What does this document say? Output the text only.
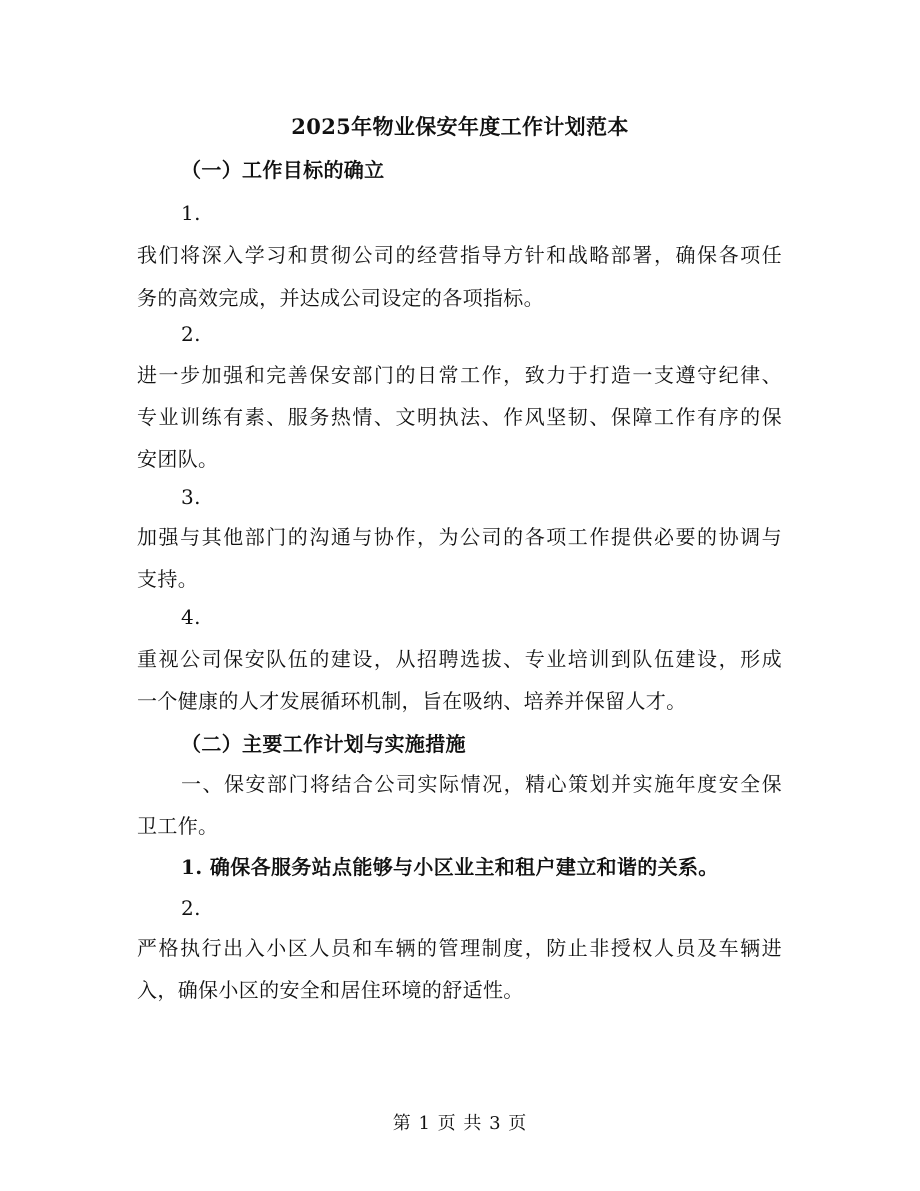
2025年物业保安年度工作计划范本
（一）工作目标的确立
1.
我们将深入学习和贯彻公司的经营指导方针和战略部署，确保各项任
务的高效完成，并达成公司设定的各项指标。
2.
进一步加强和完善保安部门的日常工作，致力于打造一支遵守纪律、
专业训练有素、服务热情、文明执法、作风坚韧、保障工作有序的保
安团队。
3.
加强与其他部门的沟通与协作，为公司的各项工作提供必要的协调与
支持。
4.
重视公司保安队伍的建设，从招聘选拔、专业培训到队伍建设，形成
一个健康的人才发展循环机制，旨在吸纳、培养并保留人才。
（二）主要工作计划与实施措施
一、保安部门将结合公司实际情况，精心策划并实施年度安全保
卫工作。
1. 确保各服务站点能够与小区业主和租户建立和谐的关系。
2.
严格执行出入小区人员和车辆的管理制度，防止非授权人员及车辆进
入，确保小区的安全和居住环境的舒适性。
第 1 页 共 3 页
